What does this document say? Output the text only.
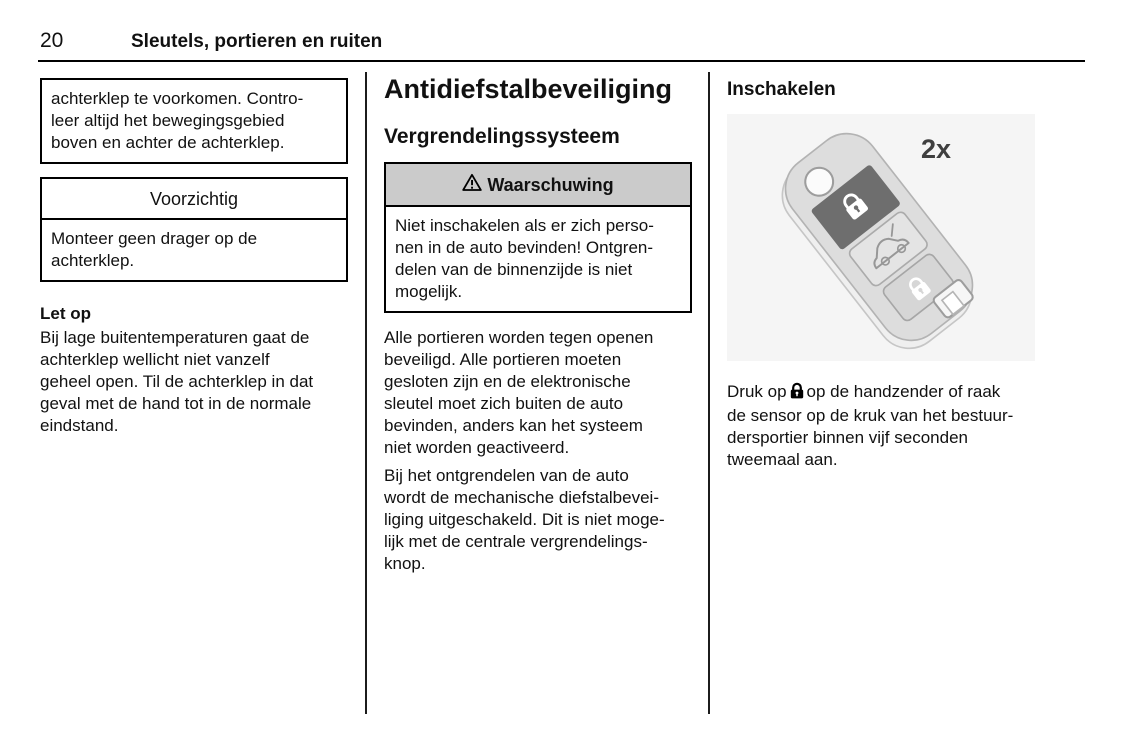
20	Sleutels, portieren en ruiten
achterklep te voorkomen. Contro-
leer altijd het bewegingsgebied
boven en achter de achterklep.
Voorzichtig
Monteer geen drager op de
achterklep.
Let op
Bij lage buitentemperaturen gaat de
achterklep wellicht niet vanzelf
geheel open. Til de achterklep in dat
geval met de hand tot in de normale
eindstand.
Antidiefstalbeveiliging
Vergrendelingssysteem
Waarschuwing
Niet inschakelen als er zich perso-
nen in de auto bevinden! Ontgren-
delen van de binnenzijde is niet
mogelijk.
Alle portieren worden tegen openen
beveiligd. Alle portieren moeten
gesloten zijn en de elektronische
sleutel moet zich buiten de auto
bevinden, anders kan het systeem
niet worden geactiveerd.
Bij het ontgrendelen van de auto
wordt de mechanische diefstalbevei-
liging uitgeschakeld. Dit is niet moge-
lijk met de centrale vergrendelings-
knop.
Inschakelen
2x
Druk op op de handzender of raak
de sensor op de kruk van het bestuur-
dersportier binnen vijf seconden
tweemaal aan.
